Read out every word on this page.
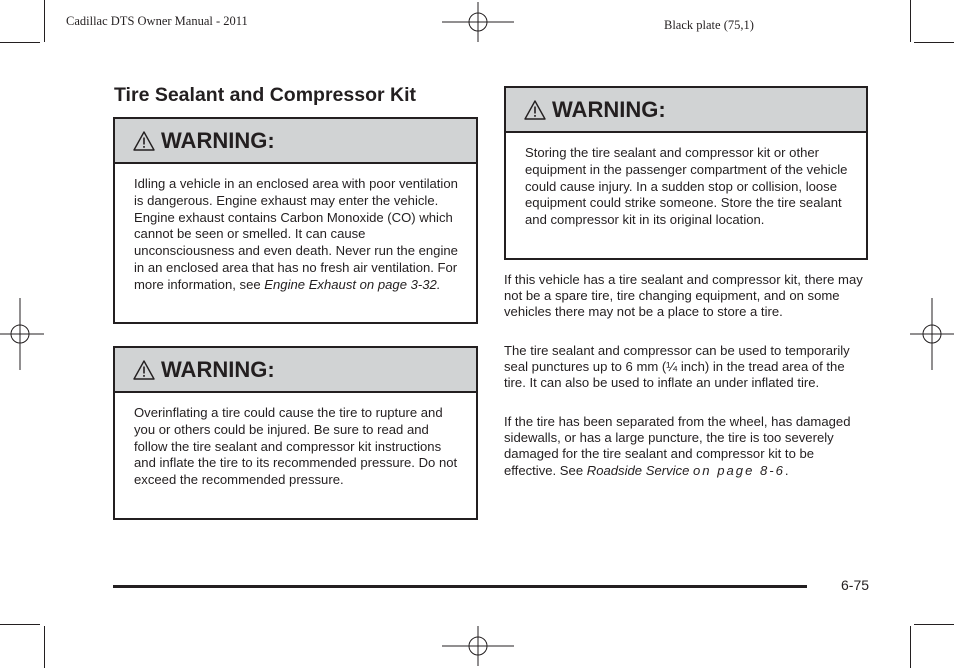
Cadillac DTS Owner Manual - 2011	Black plate (75,1)
Tire Sealant and Compressor Kit
WARNING:
Idling a vehicle in an enclosed area with poor ventilation is dangerous. Engine exhaust may enter the vehicle. Engine exhaust contains Carbon Monoxide (CO) which cannot be seen or smelled. It can cause unconsciousness and even death. Never run the engine in an enclosed area that has no fresh air ventilation. For more information, see Engine Exhaust on page 3-32.
WARNING:
Overinflating a tire could cause the tire to rupture and you or others could be injured. Be sure to read and follow the tire sealant and compressor kit instructions and inflate the tire to its recommended pressure. Do not exceed the recommended pressure.
WARNING:
Storing the tire sealant and compressor kit or other equipment in the passenger compartment of the vehicle could cause injury. In a sudden stop or collision, loose equipment could strike someone. Store the tire sealant and compressor kit in its original location.
If this vehicle has a tire sealant and compressor kit, there may not be a spare tire, tire changing equipment, and on some vehicles there may not be a place to store a tire.
The tire sealant and compressor can be used to temporarily seal punctures up to 6 mm (¼ inch) in the tread area of the tire. It can also be used to inflate an under inflated tire.
If the tire has been separated from the wheel, has damaged sidewalls, or has a large puncture, the tire is too severely damaged for the tire sealant and compressor kit to be effective. See Roadside Service on page 8-6.
6-75
